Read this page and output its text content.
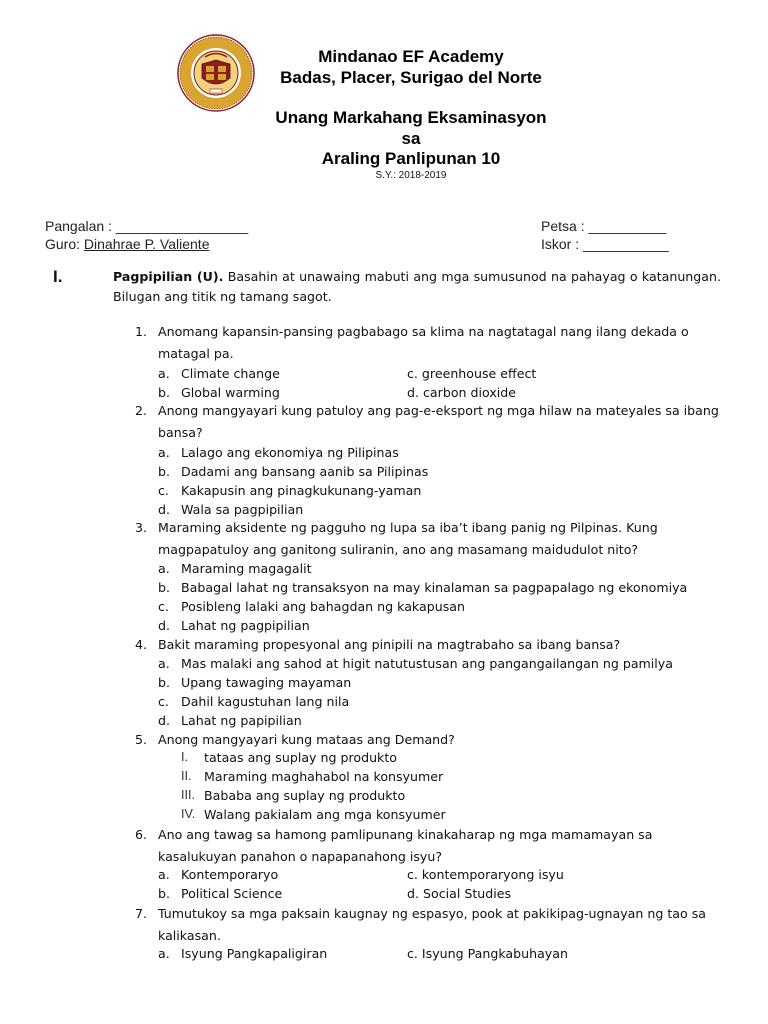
Mindanao EF Academy
Badas, Placer, Surigao del Norte
Unang Markahang Eksaminasyon
sa
Araling Panlipunan 10
S.Y.: 2018-2019
Pangalan : _________________
Guro: Dinahrae P. Valiente
Petsa : __________
Iskor : ___________
I.	Pagpipilian (U). Basahin at unawaing mabuti ang mga sumusunod na pahayag o katanungan. Bilugan ang titik ng tamang sagot.
1. Anomang kapansin-pansing pagbabago sa klima na nagtatagal nang ilang dekada o matagal pa.
a. Climate change	c. greenhouse effect
b. Global warming	d. carbon dioxide
2. Anong mangyayari kung patuloy ang pag-e-eksport ng mga hilaw na mateyales sa ibang bansa?
a. Lalago ang ekonomiya ng Pilipinas
b. Dadami ang bansang aanib sa Pilipinas
c. Kakapusin ang pinagkukunang-yaman
d. Wala sa pagpipilian
3. Maraming aksidente ng pagguho ng lupa sa iba’t ibang panig ng Pilpinas. Kung magpapatuloy ang ganitong suliranin, ano ang masamang maidudulot nito?
a. Maraming magagalit
b. Babagal lahat ng transaksyon na may kinalaman sa pagpapalago ng ekonomiya
c. Posibleng lalaki ang bahagdan ng kakapusan
d. Lahat ng pagpipilian
4. Bakit maraming propesyonal ang pinipili na magtrabaho sa ibang bansa?
a. Mas malaki ang sahod at higit natutustusan ang pangangailangan ng pamilya
b. Upang tawaging mayaman
c. Dahil kagustuhan lang nila
d. Lahat ng papipilian
5. Anong mangyayari kung mataas ang Demand?
I. tataas ang suplay ng produkto
II. Maraming maghahabol na konsyumer
III. Bababa ang suplay ng produkto
IV. Walang pakialam ang mga konsyumer
6. Ano ang tawag sa hamong pamlipunang kinakaharap ng mga mamamayan sa kasalukuyan panahon o napapanahong isyu?
a. Kontemporaryo	c. kontemporaryong isyu
b. Political Science	d. Social Studies
7. Tumutukoy sa mga paksain kaugnay ng espasyo, pook at pakikipag-ugnayan ng tao sa kalikasan.
a. Isyung Pangkapaligiran	c. Isyung Pangkabuhayan
